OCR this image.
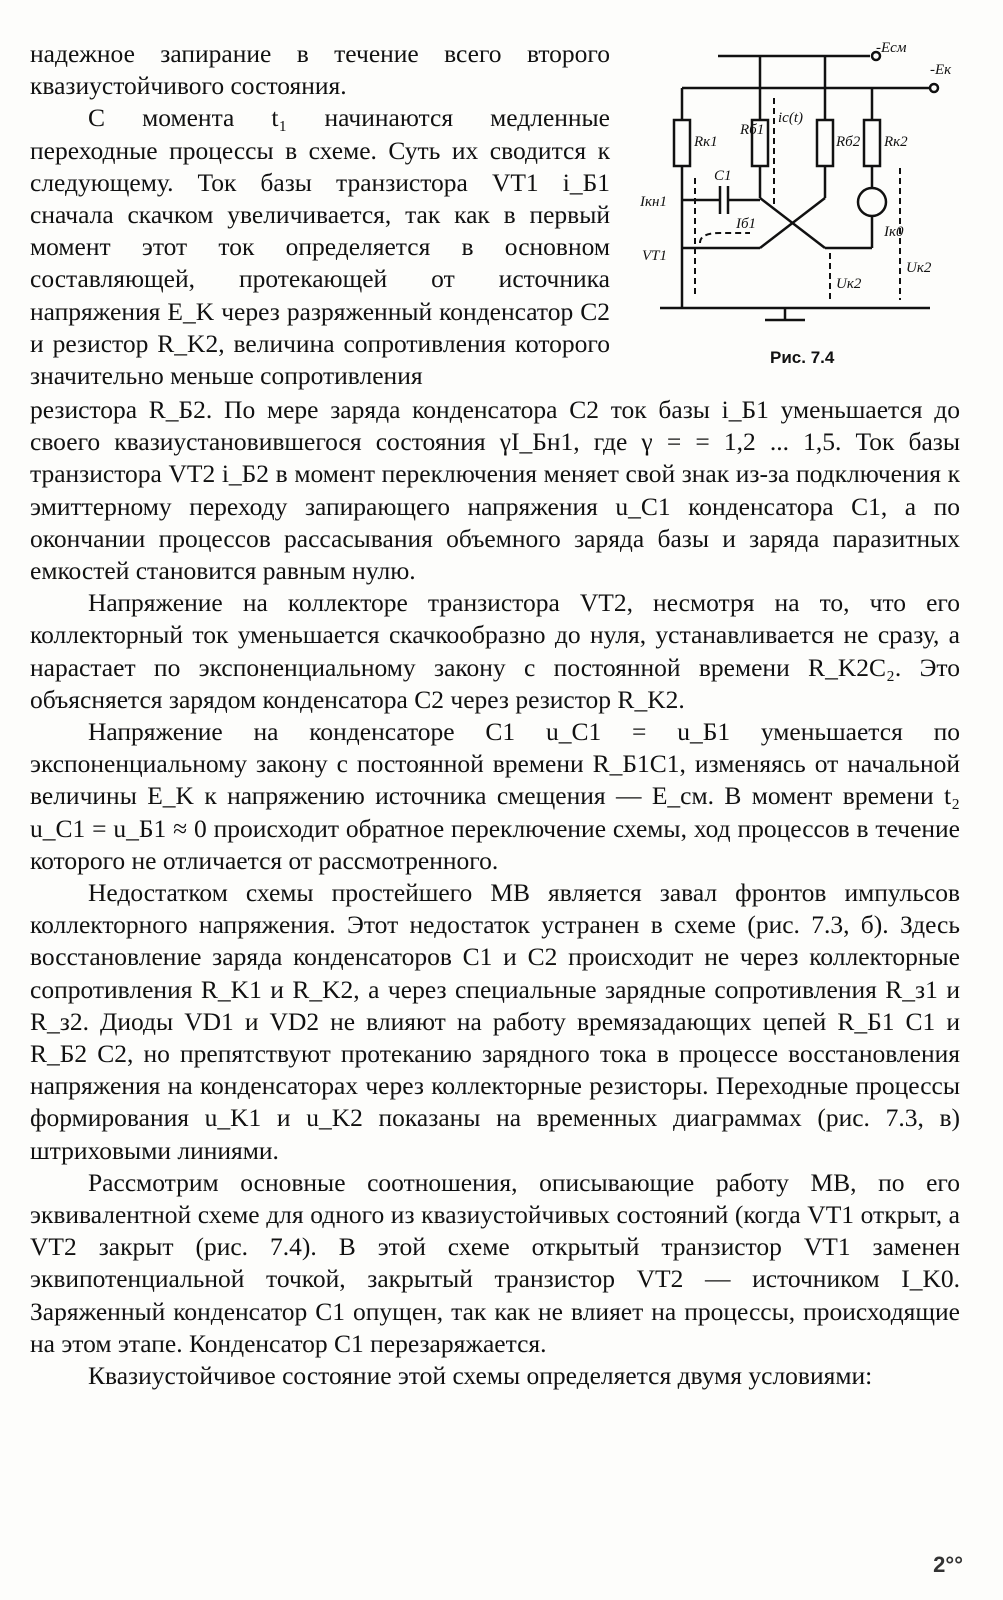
надежное запирание в течение всего второго квазиустойчивого состояния.

С момента t₁ начинаются медленные переходные процессы в схеме. Суть их сводится к следующему. Ток базы транзистора VT1 i_Б1 сначала скачком увеличивается, так как в первый момент этот ток определяется в основном составляющей, протекающей от источника напряжения E_K через разряженный конденсатор C2 и резистор R_K2, величина сопротивления которого значительно меньше сопротивления

-Eсм
-Eк
Rк1
Rб1
ic(t)
Rб2 Rк2
C1
Iкн1
Iб1
VT1
Iк0
Uк2
Uк2
Рис. 7.4

резистора R_Б2. По мере заряда конденсатора C2 ток базы i_Б1 уменьшается до своего квазиустановившегося состояния γI_Бн1, где γ = = 1,2 ... 1,5. Ток базы транзистора VT2 i_Б2 в момент переключения меняет свой знак из-за подключения к эмиттерному переходу запирающего напряжения u_C1 конденсатора C1, а по окончании процессов рассасывания объемного заряда базы и заряда паразитных емкостей становится равным нулю.

Напряжение на коллекторе транзистора VT2, несмотря на то, что его коллекторный ток уменьшается скачкообразно до нуля, устанавливается не сразу, а нарастает по экспоненциальному закону с постоянной времени R_K2C₂. Это объясняется зарядом конденсатора C2 через резистор R_K2.

Напряжение на конденсаторе C1 u_C1 = u_Б1 уменьшается по экспоненциальному закону с постоянной времени R_Б1C1, изменяясь от начальной величины E_K к напряжению источника смещения — E_см. В момент времени t₂ u_C1 = u_Б1 ≈ 0 происходит обратное переключение схемы, ход процессов в течение которого не отличается от рассмотренного.

Недостатком схемы простейшего МВ является завал фронтов импульсов коллекторного напряжения. Этот недостаток устранен в схеме (рис. 7.3, б). Здесь восстановление заряда конденсаторов C1 и C2 происходит не через коллекторные сопротивления R_K1 и R_K2, а через специальные зарядные сопротивления R_з1 и R_з2. Диоды VD1 и VD2 не влияют на работу времязадающих цепей R_Б1 C1 и R_Б2 C2, но препятствуют протеканию зарядного тока в процессе восстановления напряжения на конденсаторах через коллекторные резисторы. Переходные процессы формирования u_K1 и u_K2 показаны на временных диаграммах (рис. 7.3, в) штриховыми линиями.

Рассмотрим основные соотношения, описывающие работу МВ, по его эквивалентной схеме для одного из квазиустойчивых состояний (когда VT1 открыт, а VT2 закрыт (рис. 7.4). В этой схеме открытый транзистор VT1 заменен эквипотенциальной точкой, закрытый транзистор VT2 — источником I_K0. Заряженный конденсатор C1 опущен, так как не влияет на процессы, происходящие на этом этапе. Конденсатор C1 перезаряжается.

Квазиустойчивое состояние этой схемы определяется двумя условиями:

2°°
